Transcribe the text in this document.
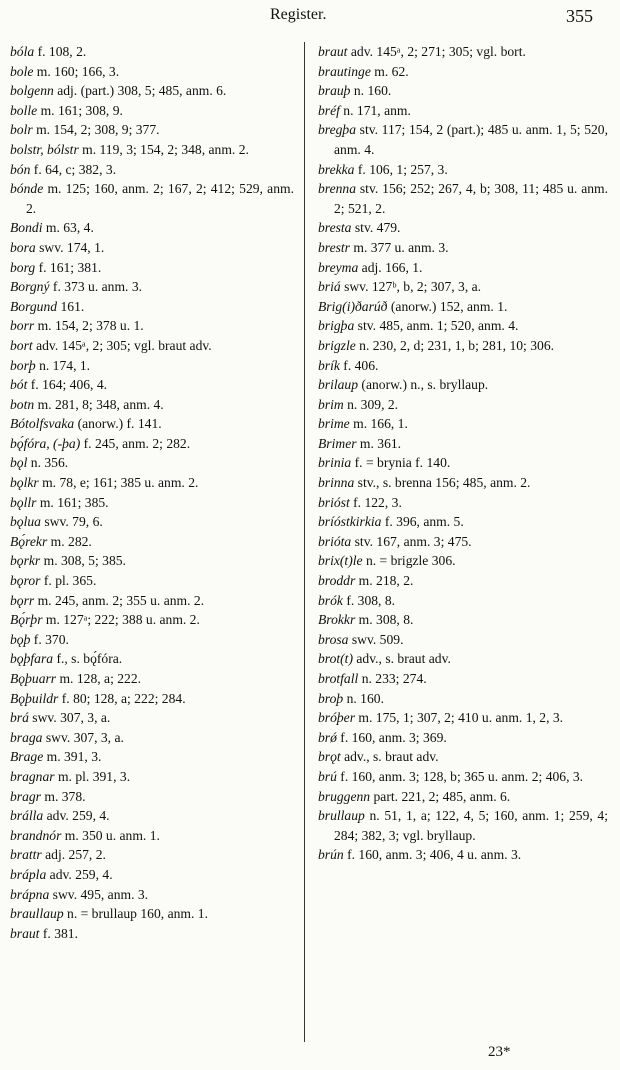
Register.	355

bóla f. 108, 2.

bole m. 160; 166, 3.

bolgenn adj. (part.) 308, 5; 485, anm. 6.

bolle m. 161; 308, 9.

bolr m. 154, 2; 308, 9; 377.

bolstr, bólstr m. 119, 3; 154, 2; 348, anm. 2.

bón f. 64, c; 382, 3.

bónde m. 125; 160, anm. 2; 167, 2; 412; 529, anm. 2.

Bondi m. 63, 4.

bora swv. 174, 1.

borg f. 161; 381.

Borgný f. 373 u. anm. 3.

Borgund 161.

borr m. 154, 2; 378 u. 1.

bort adv. 145ᵃ, 2; 305; vgl. braut adv.

borþ n. 174, 1.

bót f. 164; 406, 4.

botn m. 281, 8; 348, anm. 4.

Bótolfsvaka (anorw.) f. 141.

bǫ́fóra, (-þa) f. 245, anm. 2; 282.

bǫl n. 356.

bǫlkr m. 78, e; 161; 385 u. anm. 2.

bǫllr m. 161; 385.

bǫlua swv. 79, 6.

Bǫ́rekr m. 282.

bǫrkr m. 308, 5; 385.

bǫror f. pl. 365.

bǫrr m. 245, anm. 2; 355 u. anm. 2.

Bǫ́rþr m. 127ᵃ; 222; 388 u. anm. 2.

bǫþ f. 370.

bǫþfara f., s. bǫ́fóra.

Bǫþuarr m. 128, a; 222.

Bǫþuildr f. 80; 128, a; 222; 284.

brá swv. 307, 3, a.

braga swv. 307, 3, a.

Brage m. 391, 3.

bragnar m. pl. 391, 3.

bragr m. 378.

brálla adv. 259, 4.

brandnór m. 350 u. anm. 1.

brattr adj. 257, 2.

brápla adv. 259, 4.

brápna swv. 495, anm. 3.

braullaup n. = brullaup 160, anm. 1.

braut f. 381.

braut adv. 145ᵃ, 2; 271; 305; vgl. bort.

brautinge m. 62.

brauþ n. 160.

bréf n. 171, anm.

bregþa stv. 117; 154, 2 (part.); 485 u. anm. 1, 5; 520, anm. 4.

brekka f. 106, 1; 257, 3.

brenna stv. 156; 252; 267, 4, b; 308, 11; 485 u. anm. 2; 521, 2.

bresta stv. 479.

brestr m. 377 u. anm. 3.

breyma adj. 166, 1.

briá swv. 127ᵇ, b, 2; 307, 3, a.

Brig(i)ðarúð (anorw.) 152, anm. 1.

brigþa stv. 485, anm. 1; 520, anm. 4.

brigzle n. 230, 2, d; 231, 1, b; 281, 10; 306.

brík f. 406.

brilaup (anorw.) n., s. bryllaup.

brim n. 309, 2.

brime m. 166, 1.

Brimer m. 361.

brinia f. = brynia f. 140.

brinna stv., s. brenna 156; 485, anm. 2.

brióst f. 122, 3.

bríóstkirkia f. 396, anm. 5.

brióta stv. 167, anm. 3; 475.

brix(t)le n. = brigzle 306.

broddr m. 218, 2.

brók f. 308, 8.

Brokkr m. 308, 8.

brosa swv. 509.

brot(t) adv., s. braut adv.

brotfall n. 233; 274.

broþ n. 160.

bróþer m. 175, 1; 307, 2; 410 u. anm. 1, 2, 3.

brǿ f. 160, anm. 3; 369.

brǫt adv., s. braut adv.

brú f. 160, anm. 3; 128, b; 365 u. anm. 2; 406, 3.

bruggenn part. 221, 2; 485, anm. 6.

brullaup n. 51, 1, a; 122, 4, 5; 160, anm. 1; 259, 4; 284; 382, 3; vgl. bryllaup.

brún f. 160, anm. 3; 406, 4 u. anm. 3.

23*
